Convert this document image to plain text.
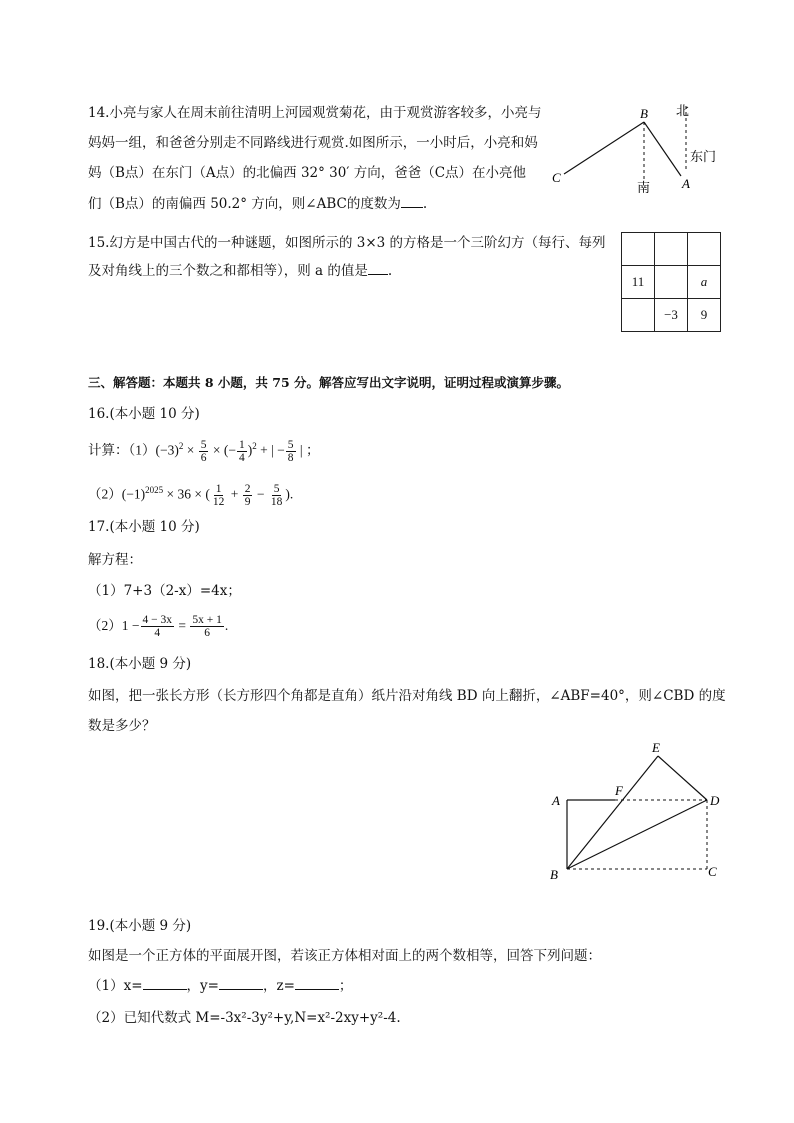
14.小亮与家人在周末前往清明上河园观赏菊花，由于观赏游客较多，小亮与
妈妈一组，和爸爸分别走不同路线进行观赏.如图所示，一小时后，小亮和妈
妈（B点）在东门（A点）的北偏西 32° 30′ 方向，爸爸（C点）在小亮他
们（B点）的南偏西 50.2° 方向，则∠ABC的度数为 .
B
C	A
北
南
东门
15.幻方是中国古代的一种谜题，如图所示的 3×3 的方格是一个三阶幻方（每行、每列
及对角线上的三个数之和都相等），则 a 的值是 .

11		a
	−3	9
三、解答题：本题共 8 小题，共 75 分。解答应写出文字说明，证明过程或演算步骤。
16.(本小题 10 分)
计算：$(1)(-3)^2 \times \frac{5}{6}$ × (− $\frac{1}{4} )^2$ + | − $\frac{5}{8}$ | ；
$(2)(-1)^{2025} \times 36$ × ( $\frac{1}{12} + \frac{2}{9} - \frac{5}{18}$ ).
17.(本小题 10 分)
解方程：
（1）7+3（2-x）=4x；
$(2)1 - \frac{4 - 3x}{4} = \frac{5x + 1}{6}$ .
18.(本小题 9 分)
如图，把一张长方形（长方形四个角都是直角）纸片沿对角线 BD 向上翻折，∠ABF=40°，则∠CBD 的度
数是多少？
E
A
F
D
B	C
19.(本小题 9 分)
如图是一个正方体的平面展开图，若该正方体相对面上的两个数相等，回答下列问题：
（1）x=	，y=	，z=	；
（2）已知代数式 M=-3x²-3y²+y,N=x²-2xy+y²-4.
